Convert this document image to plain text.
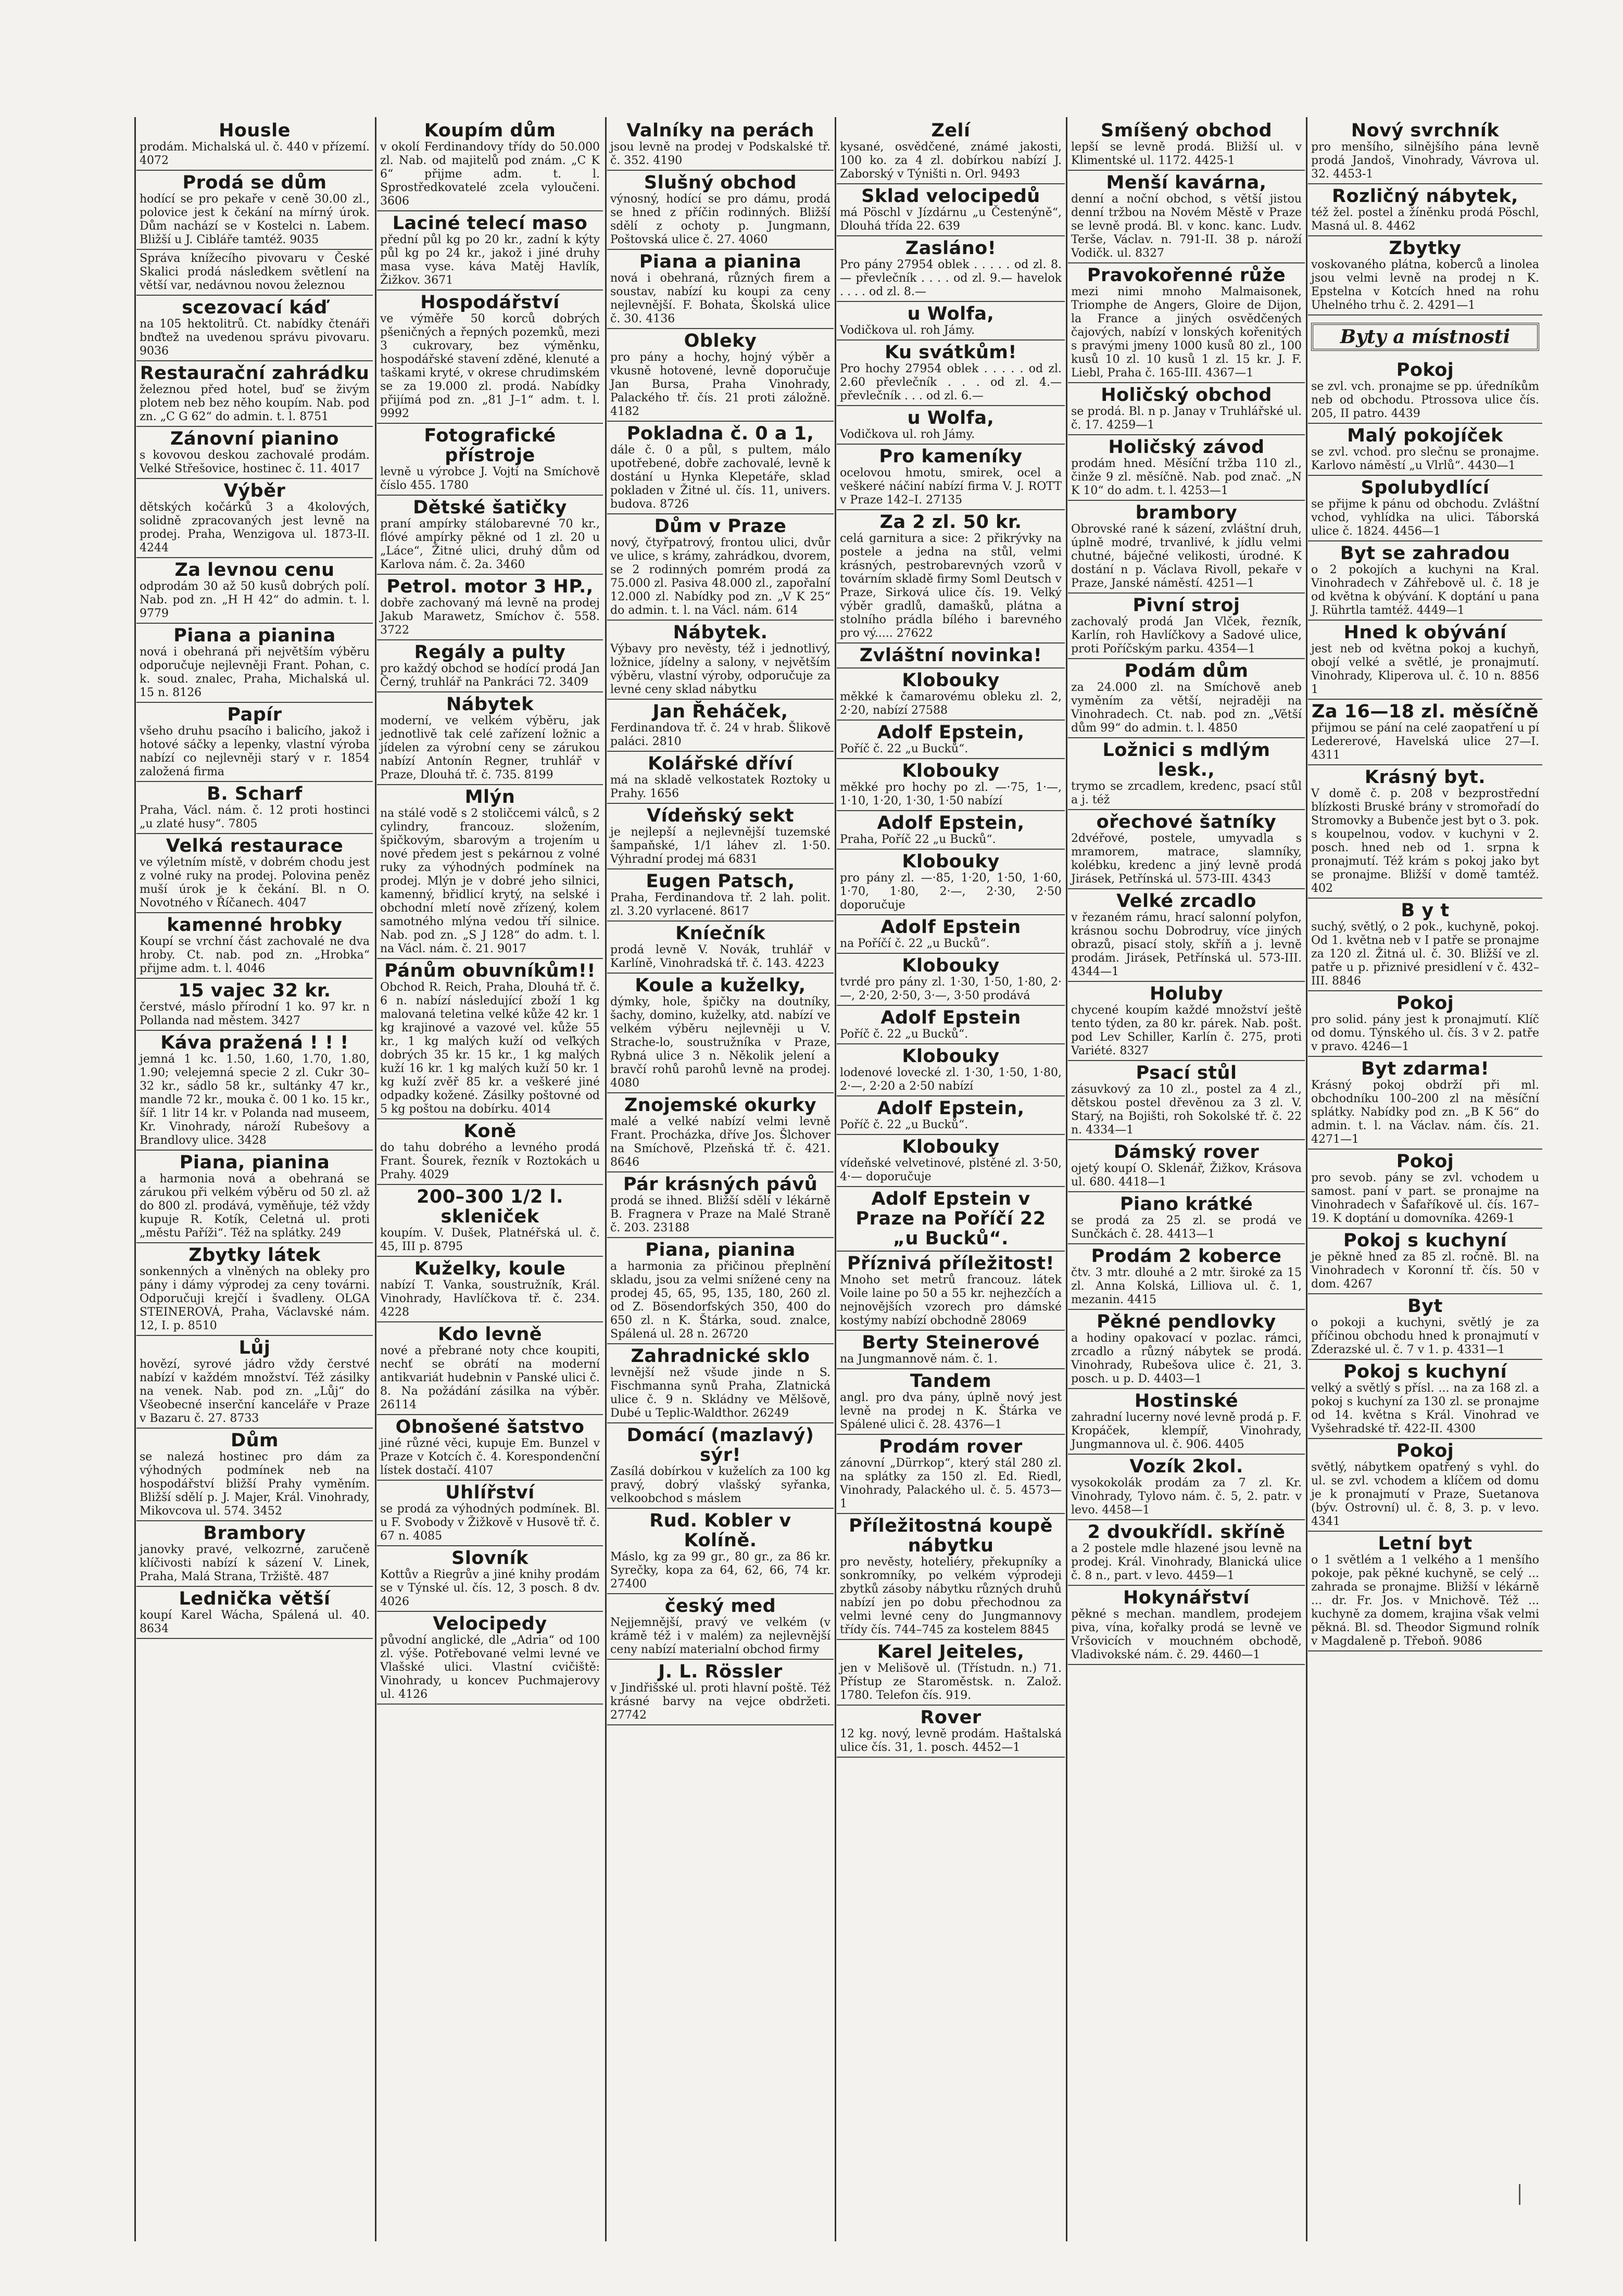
Housle
prodám. Michalská ul. č. 440 v přízemí. 4072
Prodá se dům
hodící se pro pekaře v ceně 30.00 zl., polovice jest k čekání na mírný úrok. Dům nachází se v Kostelci n. Labem. Bližší u J. Cibláře tamtéž. 9035
Správa knížecího pivovaru v České Skalici prodá následkem světlení na větší var, nedávnou novou železnou
scezovací káď
na 105 hektolitrů. Ct. nabídky čtenáři bnďtež na uvedenou správu pivovaru. 9036
Restaurační zahrádku
železnou před hotel, buď se živým plotem neb bez něho koupím. Nab. pod zn. „C G 62“ do admin. t. l. 8751
Zánovní pianino
s kovovou deskou zachovalé prodám. Velké Střešovice, hostinec č. 11. 4017
Výběr
dětských kočárků 3 a 4kolových, solidně zpracovaných jest levně na prodej. Praha, Wenzigova ul. 1873-II. 4244
Za levnou cenu
odprodám 30 až 50 kusů dobrých polí. Nab. pod zn. „H H 42“ do admin. t. l. 9779
Piana a pianina
nová i obehraná při největším výběru odporučuje nejlevněji Frant. Pohan, c. k. soud. znalec, Praha, Michalská ul. 15 n. 8126
Papír
všeho druhu psacího i balicího, jakož i hotové sáčky a lepenky, vlastní výroba nabízí co nejlevněji starý v r. 1854 založená firma
B. Scharf
Praha, Václ. nám. č. 12 proti hostinci „u zlaté husy“. 7805
Velká restaurace
ve výletním místě, v dobrém chodu jest z volné ruky na prodej. Polovina peněz muší úrok je k čekání. Bl. n O. Novotného v Říčanech. 4047
kamenné hrobky
Koupí se vrchní část zachovalé ne dva hroby. Ct. nab. pod zn. „Hrobka“ přijme adm. t. l. 4046
15 vajec 32 kr.
čerstvé, máslo přírodní 1 ko. 97 kr. n Pollanda nad městem. 3427
Káva pražená ! ! !
jemná 1 kc. 1.50, 1.60, 1.70, 1.80, 1.90; velejemná specie 2 zl. Cukr 30–32 kr., sádlo 58 kr., sultánky 47 kr., mandle 72 kr., mouka č. 00 1 ko. 15 kr., šíř. 1 litr 14 kr. v Polanda nad museem, Kr. Vinohrady, nároží Rubešovy a Brandlovy ulice. 3428
Piana, pianina
a harmonia nová a obehraná se zárukou při velkém výběru od 50 zl. až do 800 zl. prodává, vyměňuje, též vždy kupuje R. Kotík, Celetná ul. proti „městu Paříži“. Též na splátky. 249
Zbytky látek
sonkenných a vlněných na obleky pro pány i dámy výprodej za ceny továrni. Odporučuji krejčí i švadleny. OLGA STEINEROVÁ, Praha, Václavské nám. 12, I. p. 8510
Lůj
hovězí, syrové jádro vždy čerstvé nabízí v každém množství. Též zásilky na venek. Nab. pod zn. „Lůj“ do Všeobecné inserční kanceláře v Praze v Bazaru č. 27. 8733
Dům
se nalezá hostinec pro dám za výhodných podmínek neb na hospodářství bližší Prahy vyměním. Bližší sdělí p. J. Majer, Král. Vinohrady, Mikovcova ul. 574. 3452
Brambory
janovky pravé, velkozrné, zaručeně klíčivosti nabízí k sázení V. Linek, Praha, Malá Strana, Tržiště. 487
Lednička větší
koupí Karel Wácha, Spálená ul. 40. 8634
Koupím dům
v okolí Ferdinandovy třídy do 50.000 zl. Nab. od majitelů pod znám. „C K 6“ přijme adm. t. l. Sprostředkovatelé zcela vyloučeni. 3606
Laciné telecí maso
přední půl kg po 20 kr., zadní k kýty půl kg po 24 kr., jakož i jiné druhy masa vyse. káva Matěj Havlík, Žižkov. 3671
Hospodářství
ve výměře 50 korců dobrých pšeničných a řepných pozemků, mezi 3 cukrovary, bez výměnku, hospodářské stavení zděné, klenuté a taškami kryté, v okrese chrudimském se za 19.000 zl. prodá. Nabídky přijímá pod zn. „81 J–1“ adm. t. l. 9992
Fotografické přístroje
levně u výrobce J. Vojtí na Smíchově číslo 455. 1780
Dětské šatičky
praní ampírky stálobarevné 70 kr., flóvé ampírky pěkné od 1 zl. 20 u „Láce“, Žitné ulici, druhý dům od Karlova nám. č. 2a. 3460
Petrol. motor 3 HP.,
dobře zachovaný má levně na prodej Jakub Marawetz, Smíchov č. 558. 3722
Regály a pulty
pro každý obchod se hodící prodá Jan Černý, truhlář na Pankráci 72. 3409
Nábytek
moderní, ve velkém výběru, jak jednotlivě tak celé zařízení ložnic a jídelen za výrobní ceny se zárukou nabízí Antonín Regner, truhlář v Praze, Dlouhá tř. č. 735. 8199
Mlýn
na stálé vodě s 2 stoličcemi válců, s 2 cylindry, francouz. složením, špičkovým, sbarovým a trojením u nové předem jest s pekárnou z volné ruky za výhodných podmínek na prodej. Mlýn je v dobré jeho silnici, kamenný, břidlicí krytý, na selské i obchodní mletí nově zřízený, kolem samotného mlýna vedou tří silnice. Nab. pod zn. „S J 128“ do adm. t. l. na Václ. nám. č. 21. 9017
Pánům obuvníkům!!
Obchod R. Reich, Praha, Dlouhá tř. č. 6 n. nabízí následující zboží 1 kg malovaná teletina velké kůže 42 kr. 1 kg krajinové a vazové vel. kůže 55 kr., 1 kg malých kuží od veľkých dobrých 35 kr. 15 kr., 1 kg malých kuží 16 kr. 1 kg malých kuží 50 kr. 1 kg kuží zvěř 85 kr. a veškeré jiné odpadky kožené. Zásilky poštovné od 5 kg poštou na dobírku. 4014
Koně
do tahu dobrého a levného prodá Frant. Šourek, řezník v Roztokách u Prahy. 4029
200–300 1/2 l. skleniček
koupím. V. Dušek, Platnéřská ul. č. 45, III p. 8795
Kuželky, koule
nabízí T. Vanka, soustružník, Král. Vinohrady, Havlíčkova tř. č. 234. 4228
Kdo levně
nové a přebrané noty chce koupiti, nechť se obrátí na moderní antikvariát hudebnin v Panské ulici č. 8. Na požádání zásilka na výběr. 26114
Obnošené šatstvo
jiné různé věci, kupuje Em. Bunzel v Praze v Kotcích č. 4. Korespondenční lístek dostačí. 4107
Uhlířství
se prodá za výhodných podmínek. Bl. u F. Svobody v Žižkově v Husově tř. č. 67 n. 4085
Slovník
Kottův a Riegrův a jiné knihy prodám se v Týnské ul. čís. 12, 3 posch. 8 dv. 4026
Velocipedy
původní anglické, dle „Adria“ od 100 zl. výše. Potřebované velmi levné ve Vlašské ulici. Vlastní cvičiště: Vinohrady, u koncev Puchmajerovy ul. 4126
Valníky na perách
jsou levně na prodej v Podskalské tř. č. 352. 4190
Slušný obchod
výnosný, hodící se pro dámu, prodá se hned z příčin rodinných. Bližší sdělí z ochoty p. Jungmann, Poštovská ulice č. 27. 4060
Piana a pianina
nová i obehraná, různých firem a soustav, nabízí ku koupi za ceny nejlevnější. F. Bohata, Školská ulice č. 30. 4136
Obleky
pro pány a hochy, hojný výběr a vkusně hotovené, levně doporučuje Jan Bursa, Praha Vinohrady, Palackého tř. čís. 21 proti záložně. 4182
Pokladna č. 0 a 1,
dále č. 0 a půl, s pultem, málo upotřebené, dobře zachovalé, levně k dostání u Hynka Klepetáře, sklad pokladen v Žitné ul. čís. 11, univers. budova. 8726
Dům v Praze
nový, čtyřpatrový, frontou ulici, dvůr ve ulice, s krámy, zahrádkou, dvorem, se 2 rodinných pomrém prodá za 75.000 zl. Pasiva 48.000 zl., zapořalní 12.000 zl. Nabídky pod zn. „V K 25“ do admin. t. l. na Václ. nám. 614
Nábytek.
Výbavy pro nevěsty, též i jednotlivý, ložnice, jídelny a salony, v největším výběru, vlastní výroby, odporučuje za levné ceny sklad nábytku
Jan Řeháček,
Ferdinandova tř. č. 24 v hrab. Šlikově paláci. 2810
Kolářské dříví
má na skladě velkostatek Roztoky u Prahy. 1656
Vídeňský sekt
je nejlepší a nejlevnější tuzemské šampaňské, 1/1 láhev zl. 1·50. Výhradní prodej má 6831
Eugen Patsch,
Praha, Ferdinandova tř. 2 lah. polit. zl. 3.20 vyrlacené. 8617
Kníečník
prodá levně V. Novák, truhlář v Karlíně, Vinohradská tř. č. 143. 4223
Koule a kuželky,
dýmky, hole, špičky na doutníky, šachy, domino, kuželky, atd. nabízí ve velkém výběru nejlevněji u V. Strache-lo, soustružníka v Praze, Rybná ulice 3 n. Několik jelení a bravčí rohů parohů levně na prodej. 4080
Znojemské okurky
malé a velké nabízí velmi levně Frant. Procházka, dříve Jos. Šlchover na Smíchově, Plzeňská tř. č. 421. 8646
Pár krásných pávů
prodá se ihned. Bližší sdělí v lékárně B. Fragnera v Praze na Malé Straně č. 203. 23188
Piana, pianina
a harmonia za přičinou přeplnění skladu, jsou za velmi snížené ceny na prodej 45, 65, 95, 135, 180, 260 zl. od Z. Bösendorfských 350, 400 do 650 zl. n K. Štárka, soud. znalce, Spálená ul. 28 n. 26720
Zahradnické sklo
levnější než všude jinde n S. Fischmanna synů Praha, Zlatnická ulice č. 9 n. Skládny ve Mělšově, Dubé u Teplic-Waldthor. 26249
Domácí (mazlavý) sýr!
Zasílá dobírkou v kuželích za 100 kg pravý, dobrý vlašský syřanka, velkoobchod s máslem
Rud. Kobler v Kolíně.
Máslo, kg za 99 gr., 80 gr., za 86 kr. Syrečky, kopa za 64, 62, 66, 74 kr. 27400
český med
Nejjemnější, pravý ve velkém (v krámě též i v malém) za nejlevnější ceny nabízí materialní obchod firmy
J. L. Rössler
v Jindřišské ul. proti hlavní poště. Též krásné barvy na vejce obdržeti. 27742
Zelí
kysané, osvědčené, známé jakosti, 100 ko. za 4 zl. dobírkou nabízí J. Zaborský v Týništi n. Orl. 9493
Sklad velocipedů
má Pöschl v Jízdárnu „u Čestenýně“, Dlouhá třída 22. 639
Zasláno!
Pro pány 27954 oblek . . . . . od zl. 8.— převlečník . . . . od zl. 9.— havelok . . . . od zl. 8.—
u Wolfa,
Vodičkova ul. roh Jámy.
Ku svátkům!
Pro hochy 27954 oblek . . . . . od zl. 2.60 převlečník . . . od zl. 4.— převlečník . . . od zl. 6.—
u Wolfa,
Vodičkova ul. roh Jámy.
Pro kameníky
ocelovou hmotu, smirek, ocel a veškeré náčiní nabízí firma V. J. ROTT v Praze 142–I. 27135
Za 2 zl. 50 kr.
celá garnitura a sice: 2 přikrývky na postele a jedna na stůl, velmi krásných, pestrobarevných vzorů v továrním skladě firmy Soml Deutsch v Praze, Sirková ulice čís. 19. Velký výběr gradlů, damašků, plátna a stolního prádla bílého i barevného pro vý..... 27622
Zvláštní novinka!
Klobouky
měkké k čamarovému obleku zl. 2, 2·20, nabízí 27588
Adolf Epstein,
Poříč č. 22 „u Bucků“.
Klobouky
měkké pro hochy po zl. —·75, 1·—, 1·10, 1·20, 1·30, 1·50 nabízí
Adolf Epstein,
Praha, Poříč 22 „u Bucků“.
Klobouky
pro pány zl. —·85, 1·20, 1·50, 1·60, 1·70, 1·80, 2·—, 2·30, 2·50 doporučuje
Adolf Epstein
na Poříčí č. 22 „u Bucků“.
Klobouky
tvrdé pro pány zl. 1·30, 1·50, 1·80, 2·—, 2·20, 2·50, 3·—, 3·50 prodává
Adolf Epstein
Poříč č. 22 „u Bucků“.
Klobouky
lodenové lovecké zl. 1·30, 1·50, 1·80, 2·—, 2·20 a 2·50 nabízí
Adolf Epstein,
Poříč č. 22 „u Bucků“.
Klobouky
vídeňské velvetinové, plstěné zl. 3·50, 4·— doporučuje
Adolf Epstein v Praze na Poříčí 22 „u Bucků“.
Příznivá příležitost!
Mnoho set metrů francouz. látek Voile laine po 50 a 55 kr. nejhezčích a nejnovějších vzorech pro dámské kostýmy nabízí obchodně 28069
Berty Steinerové
na Jungmannově nám. č. 1.
Tandem
angl. pro dva pány, úplně nový jest levně na prodej n K. Štárka ve Spálené ulici č. 28. 4376—1
Prodám rover
zánovní „Dürrkop“, který stál 280 zl. na splátky za 150 zl. Ed. Riedl, Vinohrady, Palackého ul. č. 5. 4573—1
Příležitostná koupě nábytku
pro nevěsty, hoteliéry, překupníky a sonkromníky, po velkém výprodeji zbytků zásoby nábytku různých druhů nabízí jen po dobu přechodnou za velmi levné ceny do Jungmannovy třídy čís. 744–745 za kostelem 8845
Karel Jeiteles,
jen v Melišově ul. (Třístudn. n.) 71. Přístup ze Staroměstsk. n. Založ. 1780. Telefon čís. 919.
Rover
12 kg. nový, levně prodám. Haštalská ulice čís. 31, 1. posch. 4452—1
Smíšený obchod
lepší se levně prodá. Bližší ul. v Klimentské ul. 1172. 4425-1
Menší kavárna,
denní a noční obchod, s větší jistou denní tržbou na Novém Městě v Praze se levně prodá. Bl. v konc. kanc. Ludv. Terše, Václav. n. 791-II. 38 p. nároží Vodičk. ul. 8327
Pravokořenné růže
mezi nimi mnoho Malmaisonek, Triomphe de Angers, Gloire de Dijon, la France a jiných osvědčených čajových, nabízí v lonských kořenitých s pravými jmeny 1000 kusů 80 zl., 100 kusů 10 zl. 10 kusů 1 zl. 15 kr. J. F. Liebl, Praha č. 165-III. 4367—1
Holičský obchod
se prodá. Bl. n p. Janay v Truhlářské ul. č. 17. 4259—1
Holičský závod
prodám hned. Měsíční tržba 110 zl., činže 9 zl. měsíčně. Nab. pod znač. „N K 10“ do adm. t. l. 4253—1
brambory
Obrovské rané k sázení, zvláštní druh, úplně modré, trvanlivé, k jídlu velmi chutné, báječné velikosti, úrodné. K dostání n p. Václava Rivoll, pekaře v Praze, Janské náměstí. 4251—1
Pivní stroj
zachovalý prodá Jan Vlček, řezník, Karlín, roh Havlíčkovy a Sadové ulice, proti Poříčským parku. 4354—1
Podám dům
za 24.000 zl. na Smíchově aneb vyměním za větší, nejraději na Vinohradech. Ct. nab. pod zn. „Větší dům 99“ do admin. t. l. 4850
Ložnici s mdlým lesk.,
trymo se zrcadlem, kredenc, psací stůl a j. též
ořechové šatníky
2dvéřové, postele, umyvadla s mramorem, matrace, slamníky, kolébku, kredenc a jiný levně prodá Jirásek, Petřínská ul. 573-III. 4343
Velké zrcadlo
v řezaném rámu, hrací salonní polyfon, krásnou sochu Dobrodruy, více jiných obrazů, pisací stoly, skříň a j. levně prodám. Jirásek, Petřínská ul. 573-III. 4344—1
Holuby
chycené koupím každé množství ještě tento týden, za 80 kr. párek. Nab. pošt. pod Lev Schiller, Karlín č. 275, proti Variété. 8327
Psací stůl
zásuvkový za 10 zl., postel za 4 zl., dětskou postel dřevěnou za 3 zl. V. Starý, na Bojišti, roh Sokolské tř. č. 22 n. 4334—1
Dámský rover
ojetý koupí O. Sklenář, Žižkov, Krásova ul. 680. 4418—1
Piano krátké
se prodá za 25 zl. se prodá ve Sunčkách č. 28. 4413—1
Prodám 2 koberce
čtv. 3 mtr. dlouhé a 2 mtr. široké za 15 zl. Anna Kolská, Lilliova ul. č. 1, mezanin. 4415
Pěkné pendlovky
a hodiny opakovací v pozlac. rámci, zrcadlo a různý nábytek se prodá. Vinohrady, Rubešova ulice č. 21, 3. posch. u p. D. 4403—1
Hostinské
zahradní lucerny nové levně prodá p. F. Kropáček, klempíř, Vinohrady, Jungmannova ul. č. 906. 4405
Vozík 2kol.
vysokokolák prodám za 7 zl. Kr. Vinohrady, Tylovo nám. č. 5, 2. patr. v levo. 4458—1
2 dvoukřídl. skříně
a 2 postele mdle hlazené jsou levně na prodej. Král. Vinohrady, Blanická ulice č. 8 n., part. v levo. 4459—1
Hokynářství
pěkné s mechan. mandlem, prodejem piva, vína, kořalky prodá se levně ve Vršovicích v mouchném obchodě, Vladivokské nám. č. 29. 4460—1
Nový svrchník
pro menšího, silnějšího pána levně prodá Jandoš, Vinohrady, Vávrova ul. 32. 4453-1
Rozličný nábytek,
též žel. postel a žíněnku prodá Pöschl, Masná ul. 8. 4462
Zbytky
voskovaného plátna, koberců a linolea jsou velmi levně na prodej n K. Epstelna v Kotcích hned na rohu Uhelného trhu č. 2. 4291—1
Byty a místnosti
Pokoj
se zvl. vch. pronajme se pp. úředníkům neb od obchodu. Ptrossova ulice čís. 205, II patro. 4439
Malý pokojíček
se zvl. vchod. pro slečnu se pronajme. Karlovo náměstí „u Vlrlů“. 4430—1
Spolubydlící
se přijme k pánu od obchodu. Zvláštní vchod, vyhlídka na ulici. Táborská ulice č. 1824. 4456—1
Byt se zahradou
o 2 pokojích a kuchyni na Kral. Vinohradech v Záhřebově ul. č. 18 je od května k obývání. K doptání u pana J. Rührtla tamtéž. 4449—1
Hned k obývání
jest neb od května pokoj a kuchyň, obojí velké a světlé, je pronajmutí. Vinohrady, Kliperova ul. č. 10 n. 8856 1
Za 16—18 zl. měsíčně
přijmou se pání na celé zaopatření u pí Ledererové, Havelská ulice 27—I. 4311
Krásný byt.
V domě č. p. 208 v bezprostřední blízkosti Bruské brány v stromořadí do Stromovky a Bubenče jest byt o 3. pok. s koupelnou, vodov. v kuchyni v 2. posch. hned neb od 1. srpna k pronajmutí. Též krám s pokoj jako byt se pronajme. Bližší v domě tamtéž. 402
B y t
suchý, světlý, o 2 pok., kuchyně, pokoj. Od 1. května neb v I patře se pronajme za 120 zl. Žitná ul. č. 30. Bližší ve zl. patře u p. přiznivé presidlení v č. 432–III. 8846
Pokoj
pro solid. pány jest k pronajmutí. Klíč od domu. Týnského ul. čís. 3 v 2. patře v pravo. 4246—1
Byt zdarma!
Krásný pokoj obdrží při ml. obchodníku 100–200 zl na měsíční splátky. Nabídky pod zn. „B K 56“ do admin. t. l. na Václav. nám. čís. 21. 4271—1
Pokoj
pro sevob. pány se zvl. vchodem u samost. paní v part. se pronajme na Vinohradech v Šafaříkově ul. čís. 167–19. K doptání u domovníka. 4269-1
Pokoj s kuchyní
je pěkně hned za 85 zl. ročně. Bl. na Vinohradech v Koronní tř. čís. 50 v dom. 4267
Byt
o pokoji a kuchyni, světlý je za příčinou obchodu hned k pronajmutí v Zderazské ul. č. 7 v 1. p. 4331—1
Pokoj s kuchyní
velký a světlý s přísl. ... na za 168 zl. a pokoj s kuchyní za 130 zl. se pronajme od 14. května s Král. Vinohrad ve Vyšehradské tř. 422-II. 4300
Pokoj
světlý, nábytkem opatřený s vyhl. do ul. se zvl. vchodem a klíčem od domu je k pronajmutí v Praze, Suetanova (býv. Ostrovní) ul. č. 8, 3. p. v levo. 4341
Letní byt
o 1 světlém a 1 velkého a 1 menšího pokoje, pak pěkné kuchyně, se celý ... zahrada se pronajme. Bližší v lékárně ... dr. Fr. Jos. v Mnichově. Též ... kuchyně za domem, krajina však velmi pěkná. Bl. sd. Theodor Sigmund rolník v Magdaleně p. Třeboň. 9086
